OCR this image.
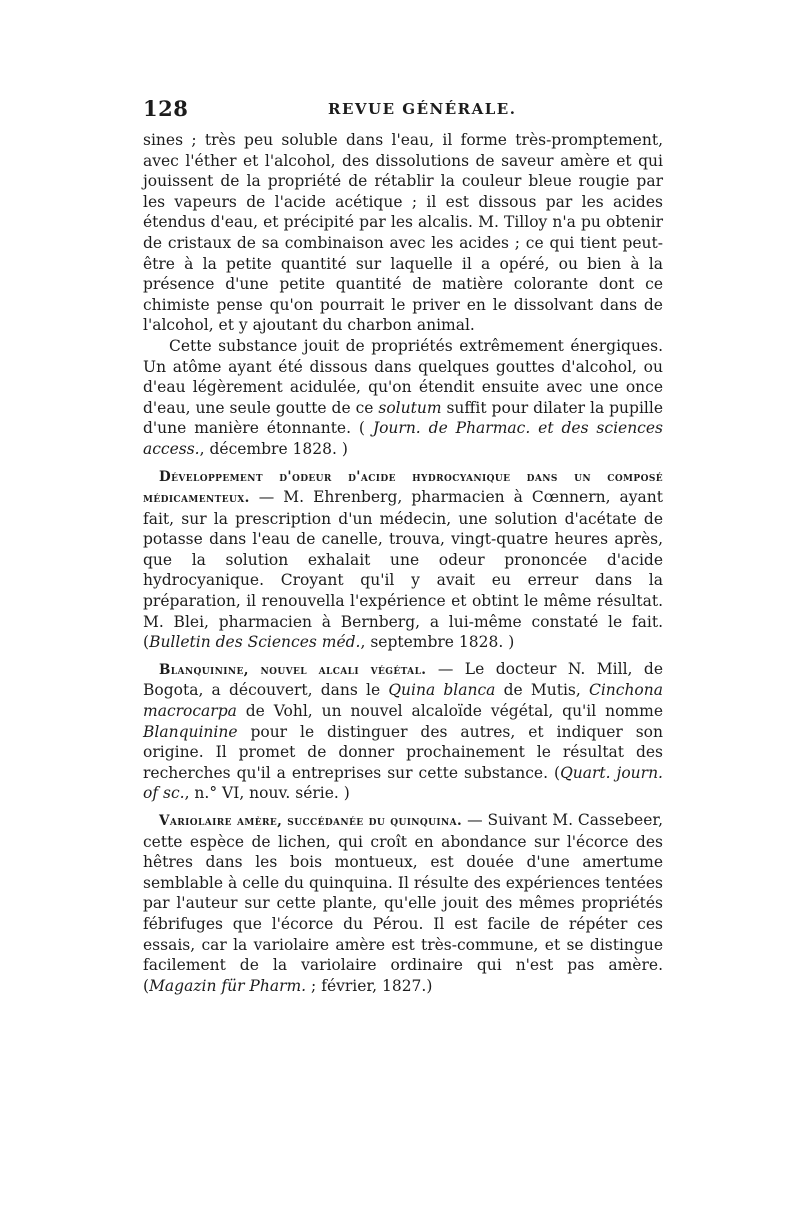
128	REVUE GÉNÉRALE.

sines ; très peu soluble dans l'eau, il forme très-promptement, avec l'éther et l'alcohol, des dissolutions de saveur amère et qui jouissent de la propriété de rétablir la couleur bleue rougie par les vapeurs de l'acide acétique ; il est dissous par les acides étendus d'eau, et précipité par les alcalis. M. Tilloy n'a pu obtenir de cristaux de sa combinaison avec les acides ; ce qui tient peut-être à la petite quantité sur laquelle il a opéré, ou bien à la présence d'une petite quantité de matière colorante dont ce chimiste pense qu'on pourrait le priver en le dissolvant dans de l'alcohol, et y ajoutant du charbon animal.

Cette substance jouit de propriétés extrêmement énergiques. Un atôme ayant été dissous dans quelques gouttes d'alcohol, ou d'eau légèrement acidulée, qu'on étendit ensuite avec une once d'eau, une seule goutte de ce solutum suffit pour dilater la pupille d'une manière étonnante. ( Journ. de Pharmac. et des sciences access., décembre 1828. )

Développement d'odeur d'acide hydrocyanique dans un composé médicamenteux. — M. Ehrenberg, pharmacien à Cœnnern, ayant fait, sur la prescription d'un médecin, une solution d'acétate de potasse dans l'eau de canelle, trouva, vingt-quatre heures après, que la solution exhalait une odeur prononcée d'acide hydrocyanique. Croyant qu'il y avait eu erreur dans la préparation, il renouvella l'expérience et obtint le même résultat. M. Blei, pharmacien à Bernberg, a lui-même constaté le fait. (Bulletin des Sciences méd., septembre 1828. )

Blanquinine, nouvel alcali végétal. — Le docteur N. Mill, de Bogota, a découvert, dans le Quina blanca de Mutis, Cinchona macrocarpa de Vohl, un nouvel alcaloïde végétal, qu'il nomme Blanquinine pour le distinguer des autres, et indiquer son origine. Il promet de donner prochainement le résultat des recherches qu'il a entreprises sur cette substance. (Quart. journ. of sc., n.° VI, nouv. série. )

Variolaire amère, succédanée du quinquina. — Suivant M. Cassebeer, cette espèce de lichen, qui croît en abondance sur l'écorce des hêtres dans les bois montueux, est douée d'une amertume semblable à celle du quinquina. Il résulte des expériences tentées par l'auteur sur cette plante, qu'elle jouit des mêmes propriétés fébrifuges que l'écorce du Pérou. Il est facile de répéter ces essais, car la variolaire amère est très-commune, et se distingue facilement de la variolaire ordinaire qui n'est pas amère. (Magazin für Pharm. ; février, 1827.)
